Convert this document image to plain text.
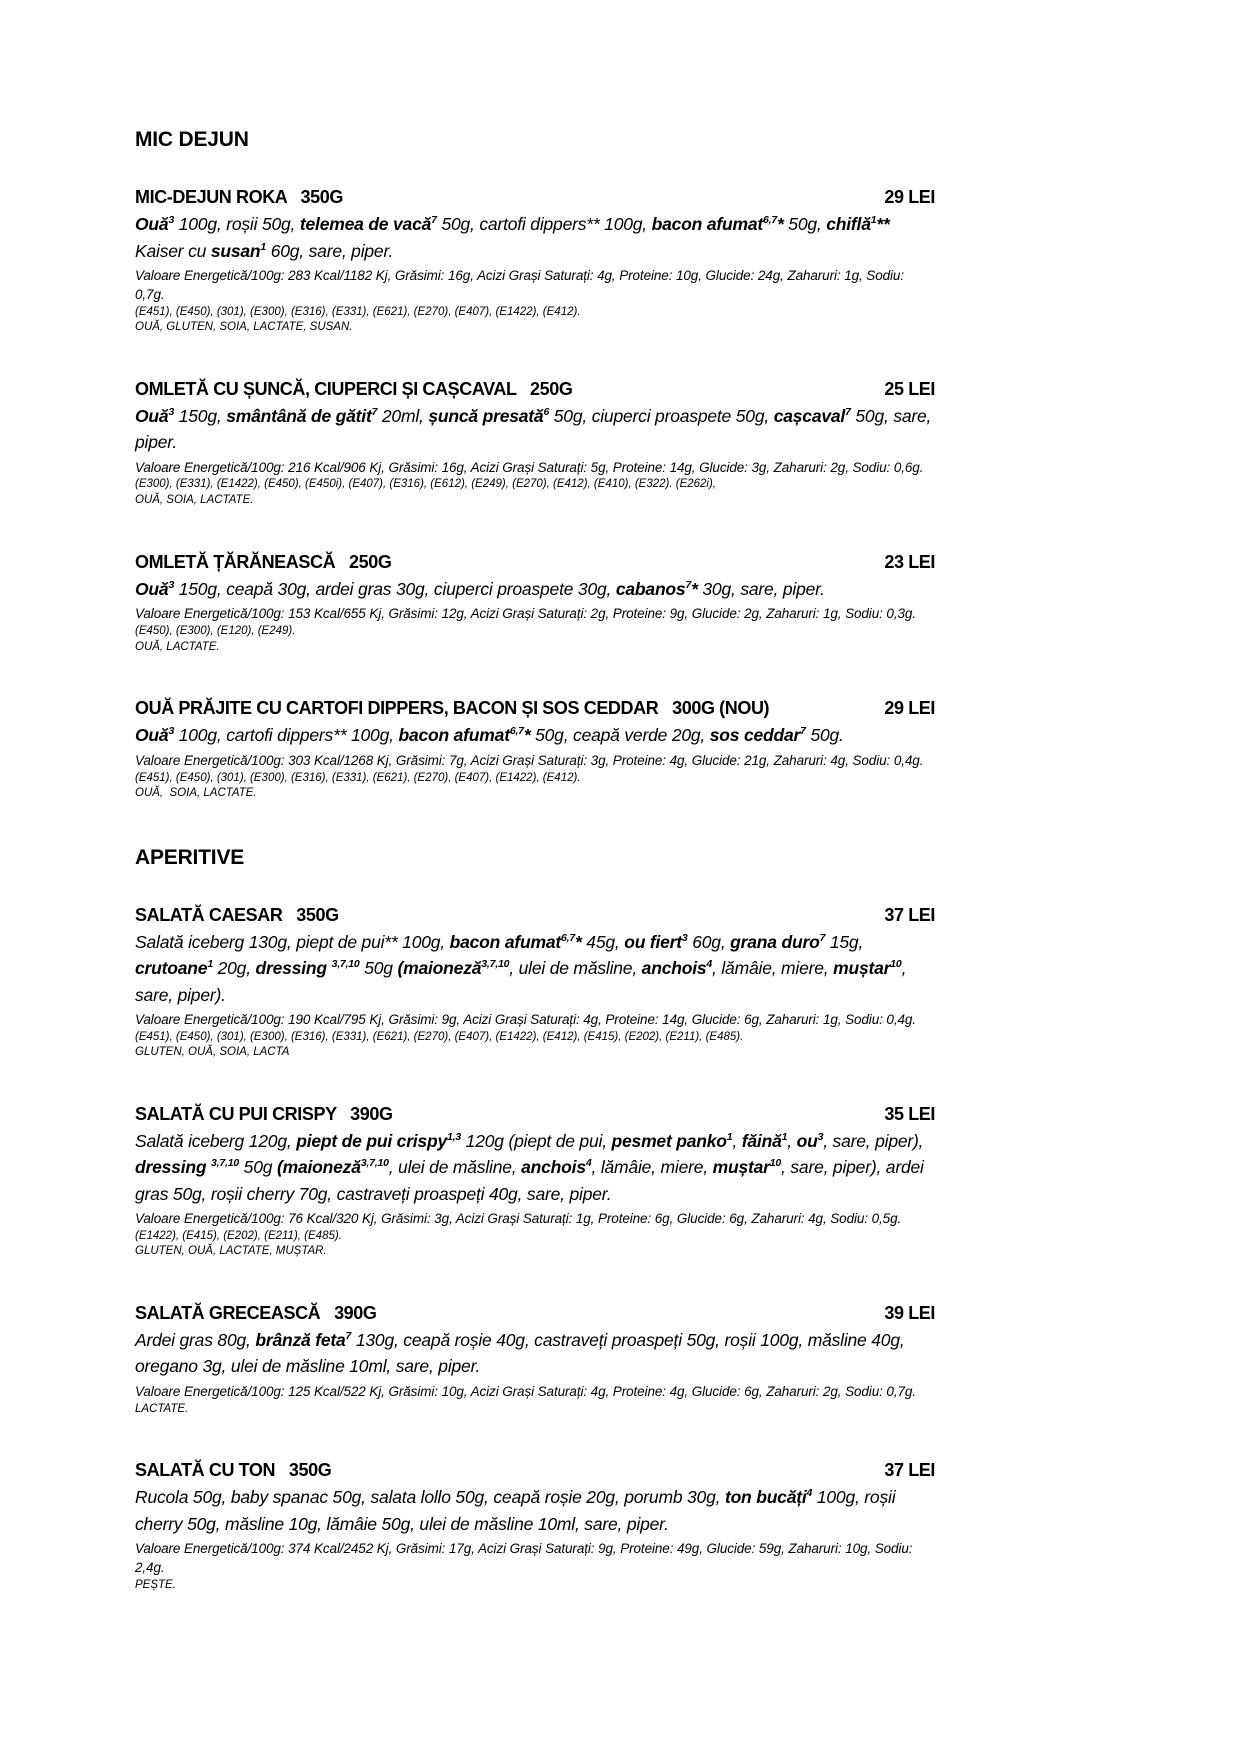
MIC DEJUN
MIC-DEJUN ROKA   350G	29 LEI
Ouă$^3$ 100g, roșii 50g, telemea de vacă$^7$ 50g, cartofi dippers** 100g, bacon afumat$^{6,7}$* 50g, chiflă$^1$** Kaiser cu susan$^1$ 60g, sare, piper.
Valoare Energetică/100g: 283 Kcal/1182 Kj, Grăsimi: 16g, Acizi Grași Saturați: 4g, Proteine: 10g, Glucide: 24g, Zaharuri: 1g, Sodiu: 0,7g.
(E451), (E450), (301), (E300), (E316), (E331), (E621), (E270), (E407), (E1422), (E412).
OUĂ, GLUTEN, SOIA, LACTATE, SUSAN.
OMLETĂ CU ȘUNCĂ, CIUPERCI ȘI CAȘCAVAL   250G	25 LEI
Ouă$^3$ 150g, smântână de gătit$^7$ 20ml, șuncă presată$^6$ 50g, ciuperci proaspete 50g, cașcaval$^7$ 50g, sare, piper.
Valoare Energetică/100g: 216 Kcal/906 Kj, Grăsimi: 16g, Acizi Grași Saturați: 5g, Proteine: 14g, Glucide: 3g, Zaharuri: 2g, Sodiu: 0,6g.
(E300), (E331), (E1422), (E450), (E450i), (E407), (E316), (E612), (E249), (E270), (E412), (E410), (E322). (E262i),
OUĂ, SOIA, LACTATE.
OMLETĂ ȚĂRĂNEASCĂ   250G	23 LEI
Ouă$^3$ 150g, ceapă 30g, ardei gras 30g, ciuperci proaspete 30g, cabanos$^7$* 30g, sare, piper.
Valoare Energetică/100g: 153 Kcal/655 Kj, Grăsimi: 12g, Acizi Grași Saturați: 2g, Proteine: 9g, Glucide: 2g, Zaharuri: 1g, Sodiu: 0,3g.
(E450), (E300), (E120), (E249).
OUĂ, LACTATE.
OUĂ PRĂJITE CU CARTOFI DIPPERS, BACON ȘI SOS CEDDAR   300G (NOU)	29 LEI
Ouă$^3$ 100g, cartofi dippers** 100g, bacon afumat$^{6,7}$* 50g, ceapă verde 20g, sos ceddar$^7$ 50g.
Valoare Energetică/100g: 303 Kcal/1268 Kj, Grăsimi: 7g, Acizi Grași Saturați: 3g, Proteine: 4g, Glucide: 21g, Zaharuri: 4g, Sodiu: 0,4g.
(E451), (E450), (301), (E300), (E316), (E331), (E621), (E270), (E407), (E1422), (E412).
OUĂ,  SOIA, LACTATE.
APERITIVE
SALATĂ CAESAR   350G	37 LEI
Salată iceberg 130g, piept de pui** 100g, bacon afumat$^{6,7}$* 45g, ou fiert$^3$ 60g, grana duro$^7$ 15g, crutoane$^1$ 20g, dressing $^{3,7,10}$ 50g (maioneză$^{3,7,10}$, ulei de măsline, anchois$^4$, lămâie, miere, muștar$^{10}$, sare, piper).
Valoare Energetică/100g: 190 Kcal/795 Kj, Grăsimi: 9g, Acizi Grași Saturați: 4g, Proteine: 14g, Glucide: 6g, Zaharuri: 1g, Sodiu: 0,4g.
(E451), (E450), (301), (E300), (E316), (E331), (E621), (E270), (E407), (E1422), (E412), (E415), (E202), (E211), (E485).
GLUTEN, OUĂ, SOIA, LACTA
SALATĂ CU PUI CRISPY   390G	35 LEI
Salată iceberg 120g, piept de pui crispy$^{1,3}$ 120g (piept de pui, pesmet panko$^1$, făină$^1$, $ou^3$, sare, piper), dressing $^{3,7,10}$ 50g (maioneză$^{3,7,10}$, ulei de măsline, anchois$^4$, lămâie, miere, muștar$^{10}$, sare, piper), ardei gras 50g, roșii cherry 70g, castraveți proaspeți 40g, sare, piper.
Valoare Energetică/100g: 76 Kcal/320 Kj, Grăsimi: 3g, Acizi Grași Saturați: 1g, Proteine: 6g, Glucide: 6g, Zaharuri: 4g, Sodiu: 0,5g.
(E1422), (E415), (E202), (E211), (E485).
GLUTEN, OUĂ, LACTATE, MUȘTAR.
SALATĂ GRECEASCĂ   390G	39 LEI
Ardei gras 80g, brânză feta$^7$ 130g, ceapă roșie 40g, castraveți proaspeți 50g, roșii 100g, măsline 40g, oregano 3g, ulei de măsline 10ml, sare, piper.
Valoare Energetică/100g: 125 Kcal/522 Kj, Grăsimi: 10g, Acizi Grași Saturați: 4g, Proteine: 4g, Glucide: 6g, Zaharuri: 2g, Sodiu: 0,7g.
LACTATE.
SALATĂ CU TON   350G	37 LEI
Rucola 50g, baby spanac 50g, salata lollo 50g, ceapă roșie 20g, porumb 30g, ton bucăți$^4$ 100g, roșii cherry 50g, măsline 10g, lămâie 50g, ulei de măsline 10ml, sare, piper.
Valoare Energetică/100g: 374 Kcal/2452 Kj, Grăsimi: 17g, Acizi Grași Saturați: 9g, Proteine: 49g, Glucide: 59g, Zaharuri: 10g, Sodiu: 2,4g.
PEȘTE.
